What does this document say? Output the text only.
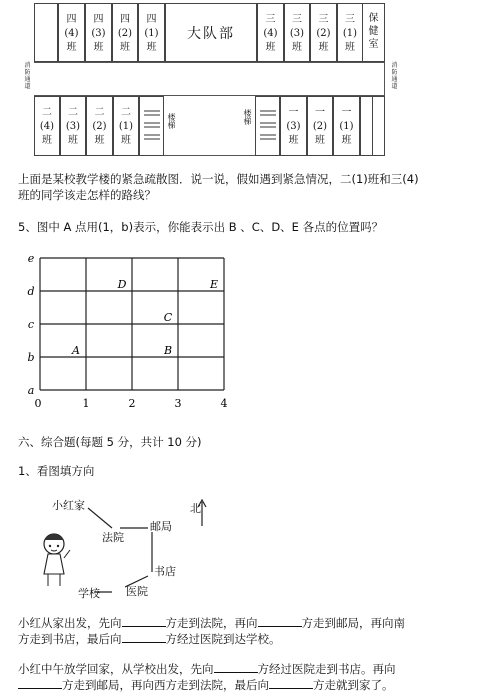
四
(4)
班
四
(3)
班
四
(2)
班
四
(1)
班
大队部
三
(4)
班
三
(3)
班
三
(2)
班
三
(1)
班
二
(4)
班
二
(3)
班
二
(2)
班
二
(1)
班
楼梯
楼梯
一
(3)
班
一
(2)
班
一
(1)
班
消防通道
保
健
室
消防通道
上面是某校教学楼的紧急疏散图．说一说，假如遇到紧急情况，二(1)班和三(4)
班的同学该走怎样的路线？
5、图中 A 点用(1，b)表示，你能表示出 B 、C、D、E 各点的位置吗？
0	1	2	3	4
a
b
c
d
e
A	B
C
D	E
六、综合题(每题 5 分，共计 10 分)
1、看图填方向
小红家
法院
邮局
书店
医院
学校
北
小红从家出发，先向	方走到法院，再向	方走到邮局，再向南
方走到书店，最后向	方经过医院到达学校。
小红中午放学回家，从学校出发，先向	方经过医院走到书店。再向
方走到邮局，再向西方走到法院，最后向	方走就到家了。
